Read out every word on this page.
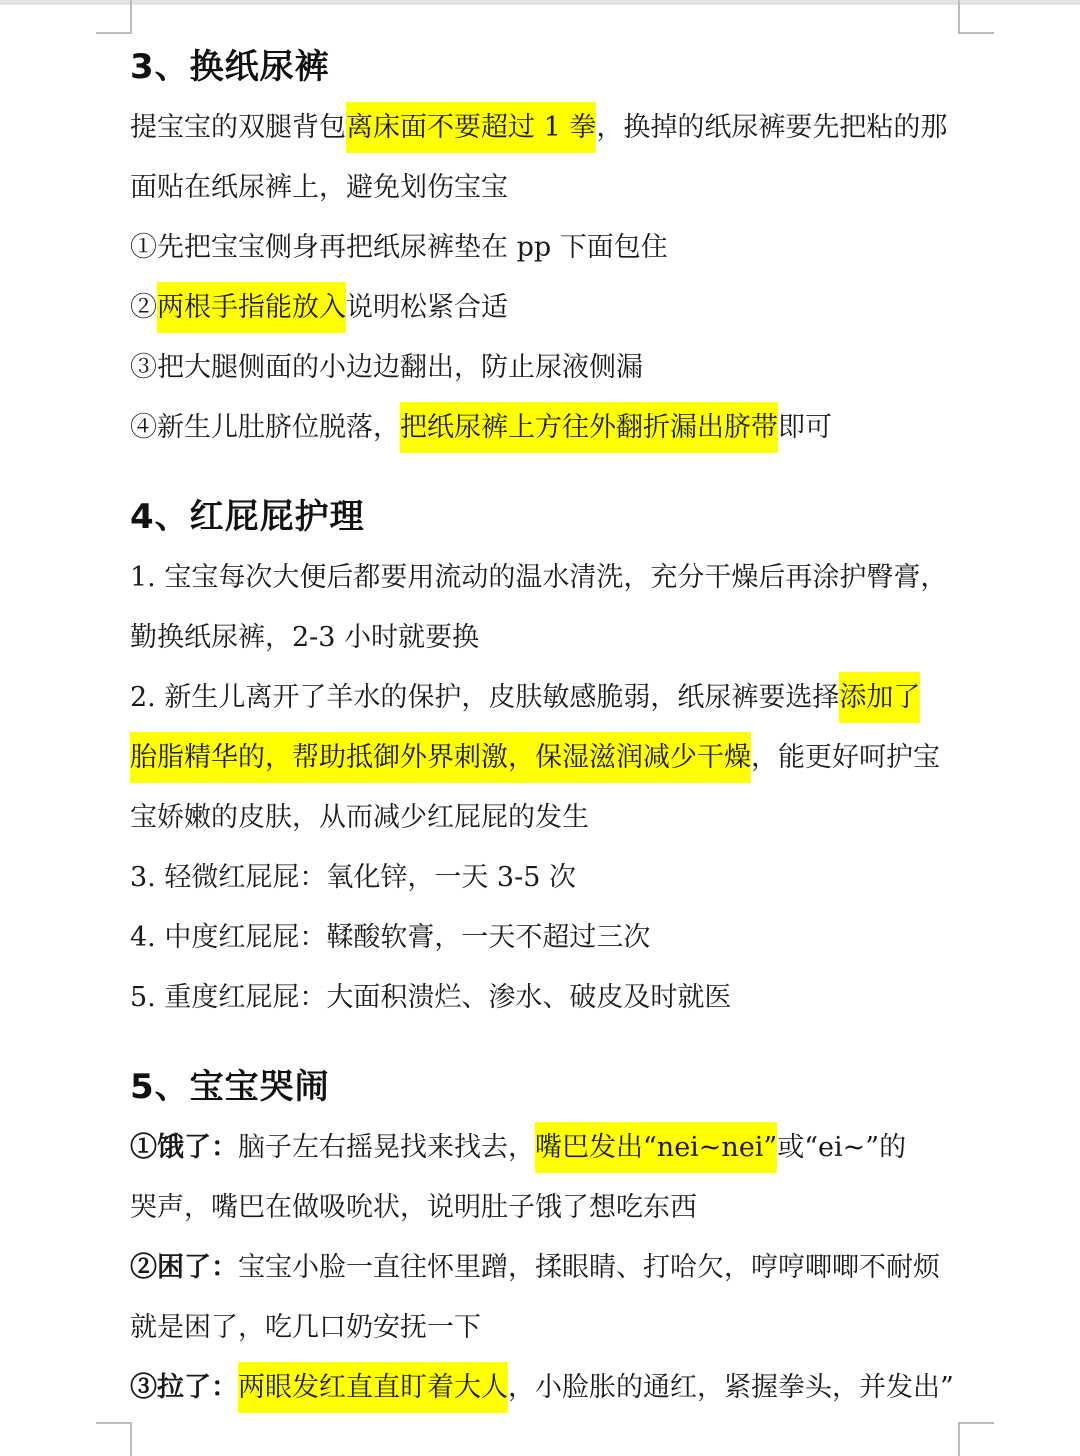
3、换纸尿裤
提宝宝的双腿背包离床面不要超过 1 拳，换掉的纸尿裤要先把粘的那
面贴在纸尿裤上，避免划伤宝宝
①先把宝宝侧身再把纸尿裤垫在 pp 下面包住
②两根手指能放入说明松紧合适
③把大腿侧面的小边边翻出，防止尿液侧漏
④新生儿肚脐位脱落，把纸尿裤上方往外翻折漏出脐带即可
4、红屁屁护理
1. 宝宝每次大便后都要用流动的温水清洗，充分干燥后再涂护臀膏，
勤换纸尿裤，2-3 小时就要换
2. 新生儿离开了羊水的保护，皮肤敏感脆弱，纸尿裤要选择添加了
胎脂精华的，帮助抵御外界刺激，保湿滋润减少干燥，能更好呵护宝
宝娇嫩的皮肤，从而减少红屁屁的发生
3. 轻微红屁屁：氧化锌，一天 3-5 次
4. 中度红屁屁：鞣酸软膏，一天不超过三次
5. 重度红屁屁：大面积溃烂、渗水、破皮及时就医
5、宝宝哭闹
①饿了：脑子左右摇晃找来找去，嘴巴发出“nei~nei”或“ei~”的
哭声，嘴巴在做吸吮状，说明肚子饿了想吃东西
②困了：宝宝小脸一直往怀里蹭，揉眼睛、打哈欠，哼哼唧唧不耐烦
就是困了，吃几口奶安抚一下
③拉了：两眼发红直直盯着大人，小脸胀的通红，紧握拳头，并发出”
